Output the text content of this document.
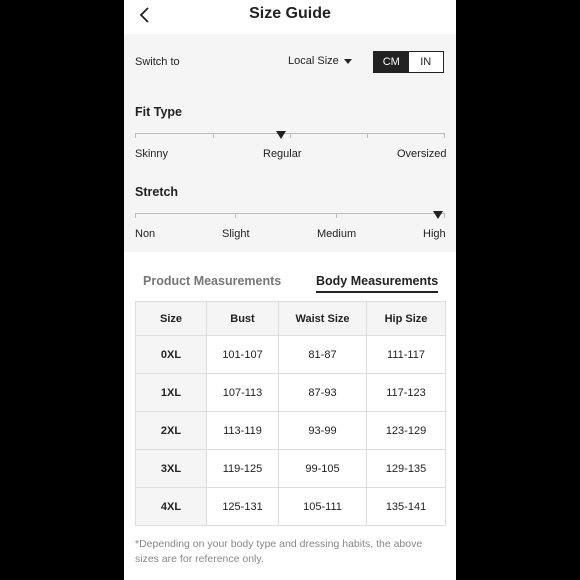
Size Guide
Switch to	Local Size	CM	IN
Fit Type
Skinny	Regular	Oversized
Stretch
Non	Slight	Medium	High
Product Measurements	Body Measurements
Size	Bust	Waist Size	Hip Size
0XL	101-107	81-87	111-117
1XL	107-113	87-93	117-123
2XL	113-119	93-99	123-129
3XL	119-125	99-105	129-135
4XL	125-131	105-111	135-141
*Depending on your body type and dressing habits, the above sizes are for reference only.
